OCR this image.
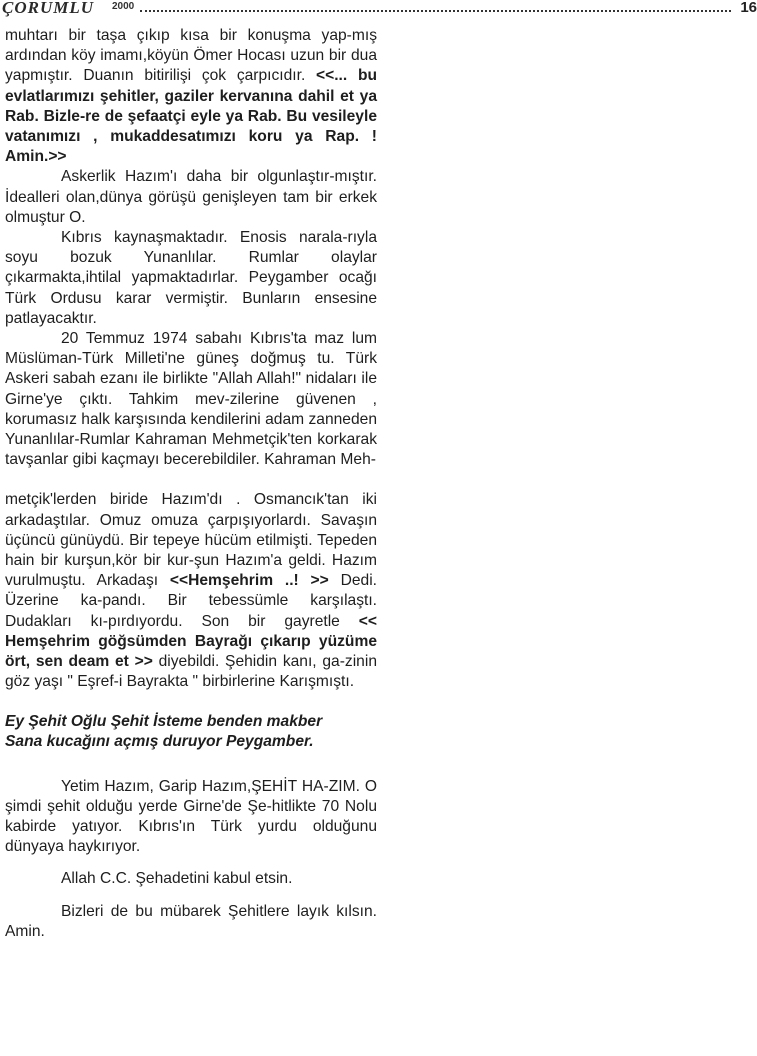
ÇORUMLU 2000	16

muhtarı bir taşa çıkıp kısa bir konuşma yap-mış ardından köy imamı,köyün Ömer Hocası uzun bir dua yapmıştır. Duanın bitirilişi çok çarpıcıdır. <<... bu evlatlarımızı şehitler, gaziler kervanına dahil et ya Rab. Bizle-re de şefaatçi eyle ya Rab. Bu vesileyle vatanımızı , mukaddesatımızı koru ya Rap. ! Amin.>>

Askerlik Hazım'ı daha bir olgunlaştır-mıştır. İdealleri olan,dünya görüşü genişleyen tam bir erkek olmuştur O.

Kıbrıs kaynaşmaktadır. Enosis narala-rıyla soyu bozuk Yunanlılar. Rumlar olaylar çıkarmakta,ihtilal yapmaktadırlar. Peygamber ocağı Türk Ordusu karar vermiştir. Bunların ensesine patlayacaktır.

20 Temmuz 1974 sabahı Kıbrıs'ta maz lum Müslüman-Türk Milleti'ne güneş doğmuş tu. Türk Askeri sabah ezanı ile birlikte "Allah Allah!" nidaları ile Girne'ye çıktı. Tahkim mev-zilerine güvenen , korumasız halk karşısında kendilerini adam zanneden Yunanlılar-Rumlar Kahraman Mehmetçik'ten korkarak tavşanlar gibi kaçmayı becerebildiler. Kahraman Meh-

metçik'lerden biride Hazım'dı . Osmancık'tan iki arkadaştılar. Omuz omuza çarpışıyorlardı. Savaşın üçüncü günüydü. Bir tepeye hücüm etilmişti. Tepeden hain bir kurşun,kör bir kur-şun Hazım'a geldi. Hazım vurulmuştu. Arkadaşı <<Hemşehrim ..! >> Dedi. Üzerine ka-pandı. Bir tebessümle karşılaştı. Dudakları kı-pırdıyordu. Son bir gayretle << Hemşehrim göğsümden Bayrağı çıkarıp yüzüme ört, sen deam et >> diyebildi. Şehidin kanı, ga-zinin göz yaşı " Eşref-i Bayrakta " birbirlerine Karışmıştı.

Ey Şehit Oğlu Şehit İsteme benden makber
Sana kucağını açmış duruyor Peygamber.

Yetim Hazım, Garip Hazım,ŞEHİT HA-ZIM. O şimdi şehit olduğu yerde Girne'de Şe-hitlikte 70 Nolu kabirde yatıyor. Kıbrıs'ın Türk yurdu olduğunu dünyaya haykırıyor.

Allah C.C. Şehadetini kabul etsin.

Bizleri de bu mübarek Şehitlere layık kılsın. Amin.
